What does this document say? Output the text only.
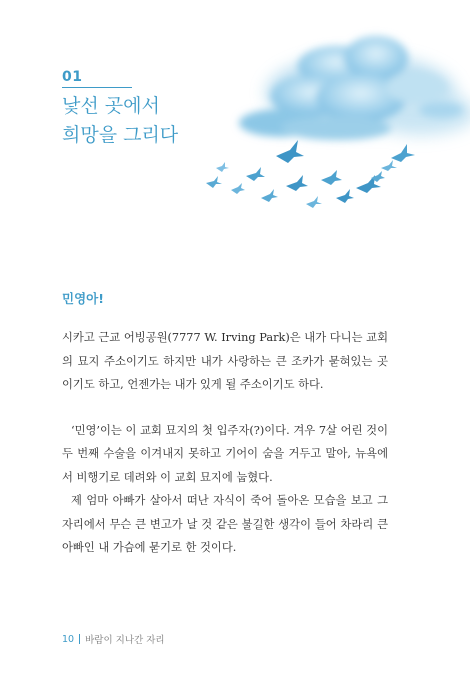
01
낯선 곳에서
희망을 그리다
민영아!

시카고 근교 어빙공원(7777 W. Irving Park)은 내가 다니는 교회의 묘지 주소이기도 하지만 내가 사랑하는 큰 조카가 묻혀있는 곳이기도 하고, 언젠가는 내가 있게 될 주소이기도 하다.

‘민영’이는 이 교회 묘지의 첫 입주자(?)이다. 겨우 7살 어린 것이 두 번째 수술을 이겨내지 못하고 기어이 숨을 거두고 말아, 뉴욕에서 비행기로 데려와 이 교회 묘지에 눕혔다.

제 엄마 아빠가 살아서 떠난 자식이 죽어 돌아온 모습을 보고 그 자리에서 무슨 큰 변고가 날 것 같은 불길한 생각이 들어 차라리 큰 아빠인 내 가슴에 묻기로 한 것이다.

10 바람이 지나간 자리
